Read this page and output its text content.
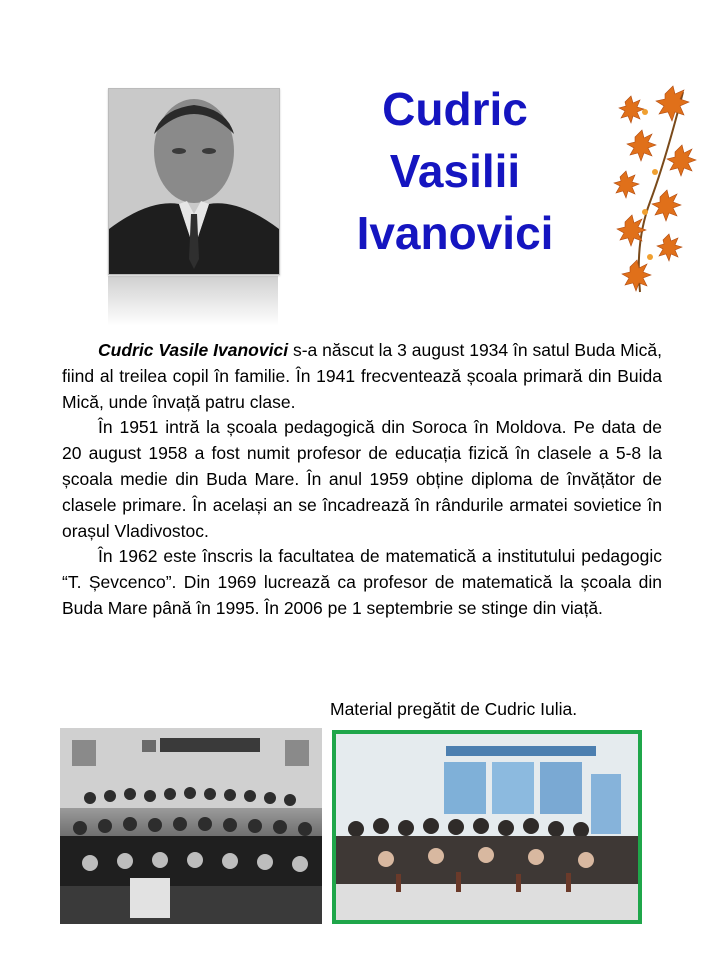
Cudric
Vasilii
Ivanovici

Cudric Vasile Ivanovici s-a născut la 3 august 1934 în satul Buda Mică, fiind al treilea copil în familie. În 1941 frecventează școala primară din Buida Mică, unde învață patru clase.

În 1951 intră la școala pedagogică din Soroca în Moldova. Pe data de 20 august 1958 a fost numit profesor de educația fizică în clasele a 5-8 la școala medie din Buda Mare. În anul 1959 obține diploma de învățător de clasele primare. În același an se încadrează în rândurile armatei sovietice în orașul Vladivostoc.

În 1962 este înscris la facultatea de matematică a institutului pedagogic “T. Șevcenco”. Din 1969 lucrează ca profesor de matematică la școala din Buda Mare până în 1995. În 2006 pe 1 septembrie se stinge din viață.

Material pregătit de Cudric Iulia.
